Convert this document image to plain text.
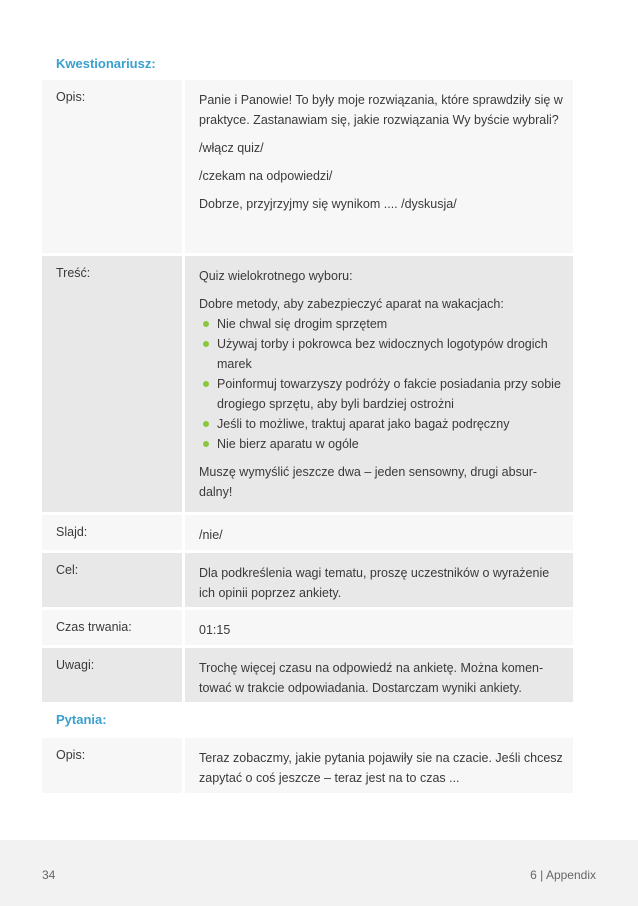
Kwestionariusz:
Opis:	Panie i Panowie! To były moje rozwiązania, które sprawdziły się w praktyce. Zastanawiam się, jakie rozwiązania Wy byście wybrali?

/włącz quiz/

/czekam na odpowiedzi/

Dobrze, przyjrzyjmy się wynikom .... /dyskusja/

Treść:	Quiz wielokrotnego wyboru:

Dobre metody, aby zabezpieczyć aparat na wakacjach:

Nie chwal się drogim sprzętem
Używaj torby i pokrowca bez widocznych logotypów drogich marek
Poinformuj towarzyszy podróży o fakcie posiadania przy sobie drogiego sprzętu, aby byli bardziej ostrożni
Jeśli to możliwe, traktuj aparat jako bagaż podręczny
Nie bierz aparatu w ogóle

Muszę wymyślić jeszcze dwa – jeden sensowny, drugi absur-dalny!

Slajd:	/nie/
Cel:	Dla podkreślenia wagi tematu, proszę uczestników o wyrażenie ich opinii poprzez ankiety.
Czas trwania:	01:15
Uwagi:	Trochę więcej czasu na odpowiedź na ankietę. Można komen-tować w trakcie odpowiadania. Dostarczam wyniki ankiety.
Pytania:
Opis:	Teraz zobaczmy, jakie pytania pojawiły sie na czacie. Jeśli chcesz zapytać o coś jeszcze – teraz jest na to czas ...
34	6 | Appendix
